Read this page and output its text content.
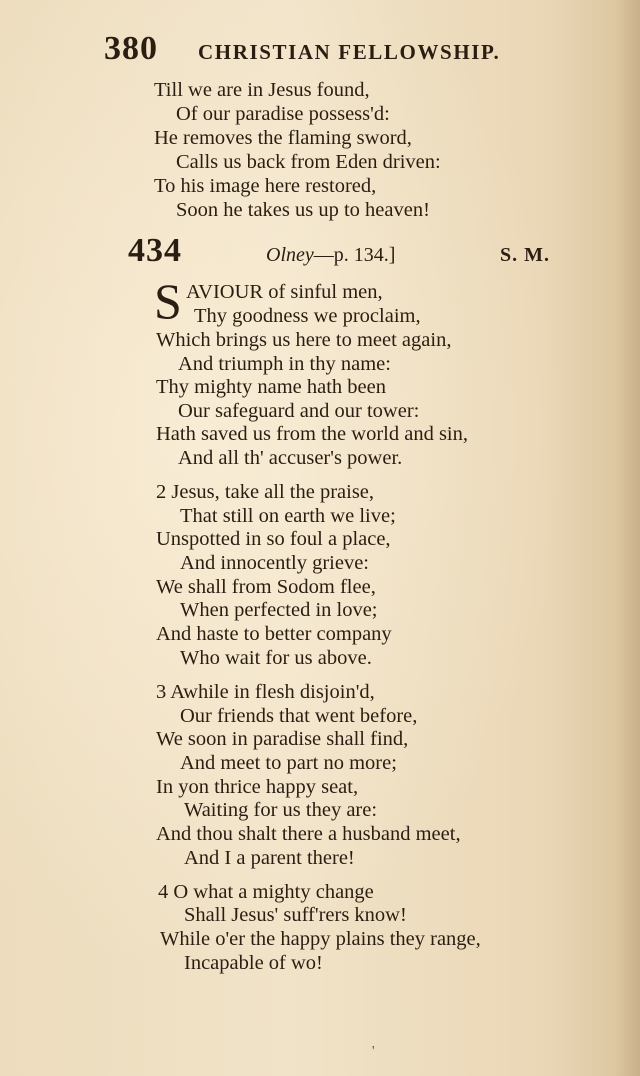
380 CHRISTIAN FELLOWSHIP.
Till we are in Jesus found,
Of our paradise possess'd:
He removes the flaming sword,
Calls us back from Eden driven:
To his image here restored,
Soon he takes us up to heaven!
434	Olney—p. 134.]	S. M.
S AVIOUR of sinful men,
Thy goodness we proclaim,
Which brings us here to meet again,
And triumph in thy name:
Thy mighty name hath been
Our safeguard and our tower:
Hath saved us from the world and sin,
And all th' accuser's power.
2 Jesus, take all the praise,
That still on earth we live;
Unspotted in so foul a place,
And innocently grieve:
We shall from Sodom flee,
When perfected in love;
And haste to better company
Who wait for us above.
3 Awhile in flesh disjoin'd,
Our friends that went before,
We soon in paradise shall find,
And meet to part no more;
In yon thrice happy seat,
Waiting for us they are:
And thou shalt there a husband meet,
And I a parent there!
4 O what a mighty change
Shall Jesus' suff'rers know!
While o'er the happy plains they range,
Incapable of wo!
'
